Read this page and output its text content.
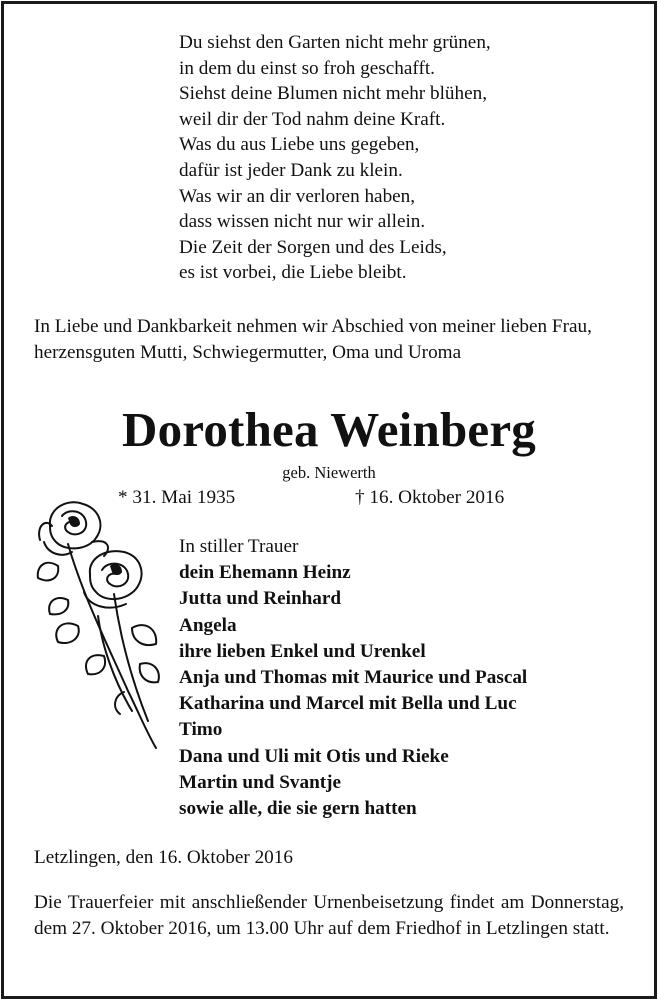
Du siehst den Garten nicht mehr grünen,
in dem du einst so froh geschafft.
Siehst deine Blumen nicht mehr blühen,
weil dir der Tod nahm deine Kraft.
Was du aus Liebe uns gegeben,
dafür ist jeder Dank zu klein.
Was wir an dir verloren haben,
dass wissen nicht nur wir allein.
Die Zeit der Sorgen und des Leids,
es ist vorbei, die Liebe bleibt.
In Liebe und Dankbarkeit nehmen wir Abschied von meiner lieben Frau, herzensguten Mutti, Schwiegermutter, Oma und Uroma
Dorothea Weinberg
geb. Niewerth
* 31. Mai 1935	† 16. Oktober 2016
In stiller Trauer
dein Ehemann Heinz
Jutta und Reinhard
Angela
ihre lieben Enkel und Urenkel
Anja und Thomas mit Maurice und Pascal
Katharina und Marcel mit Bella und Luc
Timo
Dana und Uli mit Otis und Rieke
Martin und Svantje
sowie alle, die sie gern hatten
Letzlingen, den 16. Oktober 2016
Die Trauerfeier mit anschließender Urnenbeisetzung findet am Donnerstag, dem 27. Oktober 2016, um 13.00 Uhr auf dem Friedhof in Letzlingen statt.
